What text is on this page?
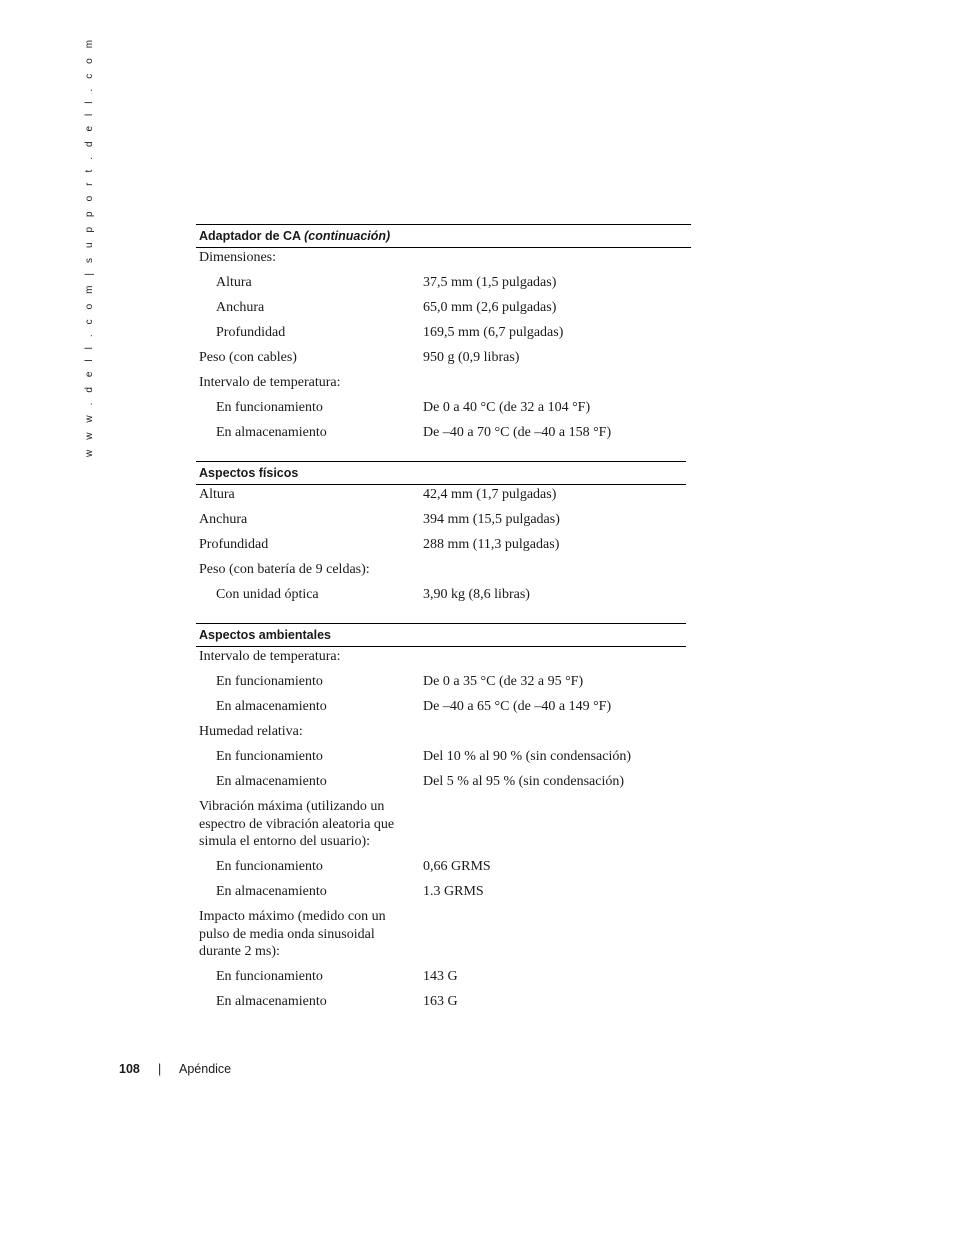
w w w . d e l l . c o m | s u p p o r t . d e l l . c o m	Adaptador de CA (continuación)
Dimensiones:
Altura	37,5 mm (1,5 pulgadas)
Anchura	65,0 mm (2,6 pulgadas)
Profundidad	169,5 mm (6,7 pulgadas)
Peso (con cables)	950 g (0,9 libras)
Intervalo de temperatura:
En funcionamiento	De 0 a 40 °C (de 32 a 104 °F)
En almacenamiento	De –40 a 70 °C (de –40 a 158 °F)
Aspectos físicos
Altura	42,4 mm (1,7 pulgadas)
Anchura	394 mm (15,5 pulgadas)
Profundidad	288 mm (11,3 pulgadas)
Peso (con batería de 9 celdas):
Con unidad óptica	3,90 kg (8,6 libras)
Aspectos ambientales
Intervalo de temperatura:
En funcionamiento	De 0 a 35 °C (de 32 a 95 °F)
En almacenamiento	De –40 a 65 °C (de –40 a 149 °F)
Humedad relativa:
En funcionamiento	Del 10 % al 90 % (sin condensación)
En almacenamiento	Del 5 % al 95 % (sin condensación)
Vibración máxima (utilizando un espectro de vibración aleatoria que simula el entorno del usuario):
En funcionamiento	0,66 GRMS
En almacenamiento	1.3 GRMS
Impacto máximo (medido con un pulso de media onda sinusoidal durante 2 ms):
En funcionamiento	143 G
En almacenamiento	163 G
108 | Apéndice
